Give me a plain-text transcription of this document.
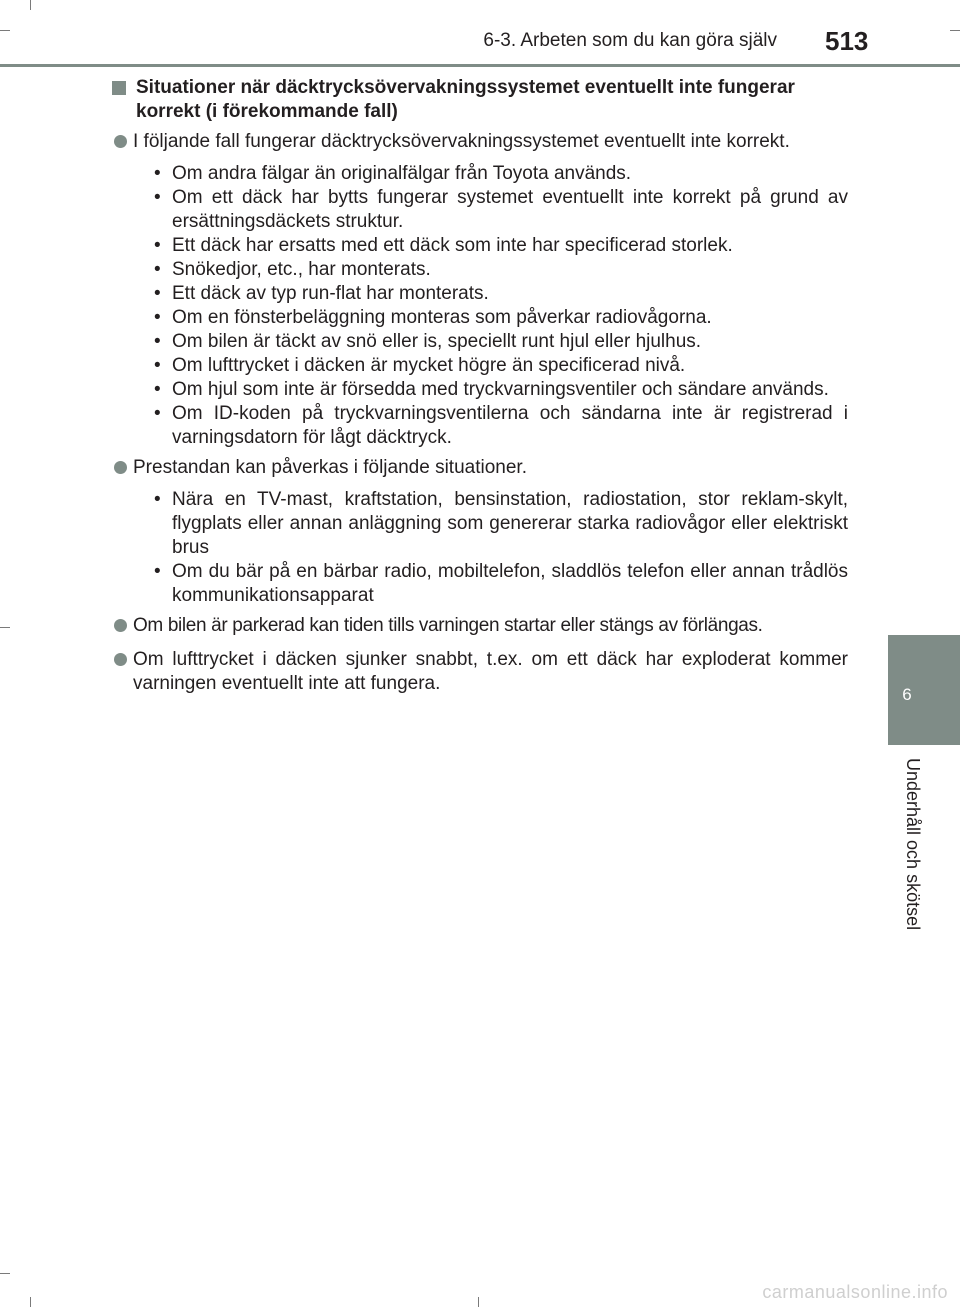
6-3. Arbeten som du kan göra själv 513
6
Underhåll och skötsel
Situationer när däcktrycksövervakningssystemet eventuellt inte fungerar korrekt (i förekommande fall)
I följande fall fungerar däcktrycksövervakningssystemet eventuellt inte korrekt.
• Om andra fälgar än originalfälgar från Toyota används.
• Om ett däck har bytts fungerar systemet eventuellt inte korrekt på grund av ersättningsdäckets struktur.
• Ett däck har ersatts med ett däck som inte har specificerad storlek.
• Snökedjor, etc., har monterats.
• Ett däck av typ run-flat har monterats.
• Om en fönsterbeläggning monteras som påverkar radiovågorna.
• Om bilen är täckt av snö eller is, speciellt runt hjul eller hjulhus.
• Om lufttrycket i däcken är mycket högre än specificerad nivå.
• Om hjul som inte är försedda med tryckvarningsventiler och sändare används.
• Om ID-koden på tryckvarningsventilerna och sändarna inte är registrerad i varningsdatorn för lågt däcktryck.
Prestandan kan påverkas i följande situationer.
• Nära en TV-mast, kraftstation, bensinstation, radiostation, stor reklam-skylt, flygplats eller annan anläggning som genererar starka radiovågor eller elektriskt brus
• Om du bär på en bärbar radio, mobiltelefon, sladdlös telefon eller annan trådlös kommunikationsapparat
Om bilen är parkerad kan tiden tills varningen startar eller stängs av förlängas.
Om lufttrycket i däcken sjunker snabbt, t.ex. om ett däck har exploderat kommer varningen eventuellt inte att fungera.
carmanualsonline.info
